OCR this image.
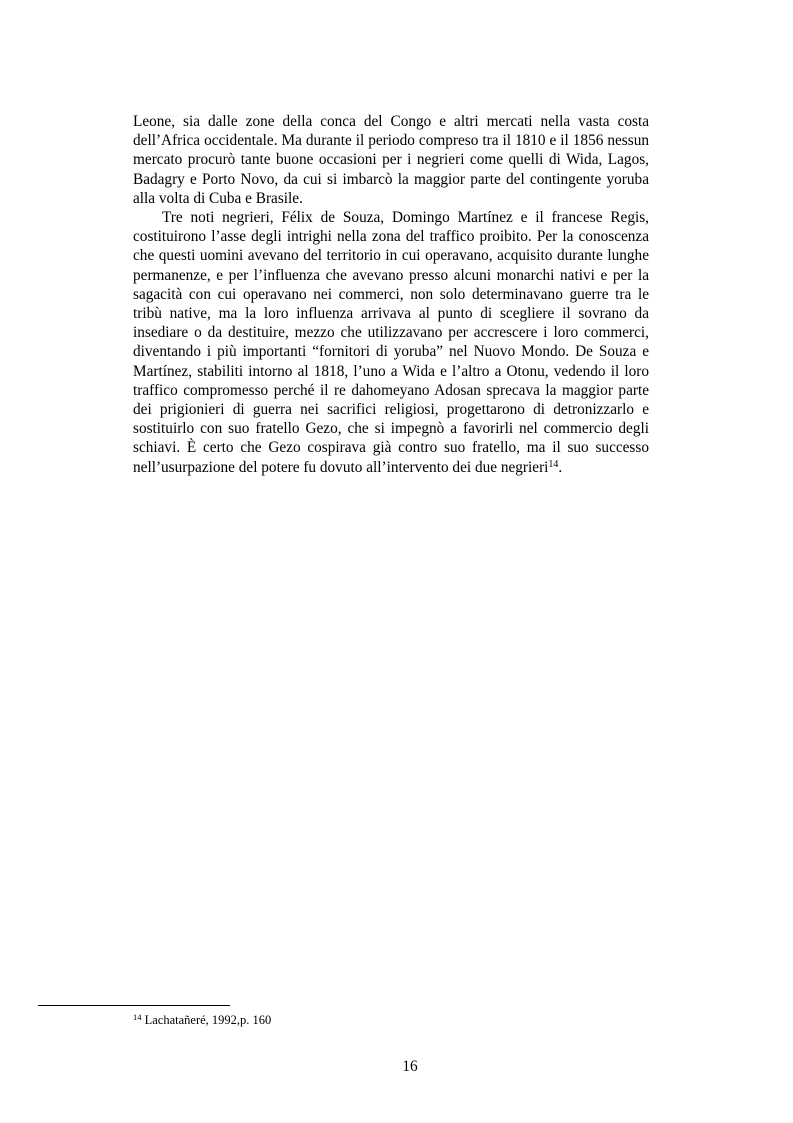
Leone, sia dalle zone della conca del Congo e altri mercati nella vasta costa dell’Africa occidentale. Ma durante il periodo compreso tra il 1810 e il 1856 nessun mercato procurò tante buone occasioni per i negrieri come quelli di Wida, Lagos, Badagry e Porto Novo, da cui si imbarcò la maggior parte del contingente yoruba alla volta di Cuba e Brasile.

Tre noti negrieri, Félix de Souza, Domingo Martínez e il francese Regis, costituirono l’asse degli intrighi nella zona del traffico proibito. Per la conoscenza che questi uomini avevano del territorio in cui operavano, acquisito durante lunghe permanenze, e per l’influenza che avevano presso alcuni monarchi nativi e per la sagacità con cui operavano nei commerci, non solo determinavano guerre tra le tribù native, ma la loro influenza arrivava al punto di scegliere il sovrano da insediare o da destituire, mezzo che utilizzavano per accrescere i loro commerci, diventando i più importanti “fornitori di yoruba” nel Nuovo Mondo. De Souza e Martínez, stabiliti intorno al 1818, l’uno a Wida e l’altro a Otonu, vedendo il loro traffico compromesso perché il re dahomeyano Adosan sprecava la maggior parte dei prigionieri di guerra nei sacrifici religiosi, progettarono di detronizzarlo e sostituirlo con suo fratello Gezo, che si impegnò a favorirli nel commercio degli schiavi. È certo che Gezo cospirava già contro suo fratello, ma il suo successo nell’usurpazione del potere fu dovuto all’intervento dei due negrieri$^{14}$.

$^{14}$ Lachatañeré, 1992,p. 160
16
